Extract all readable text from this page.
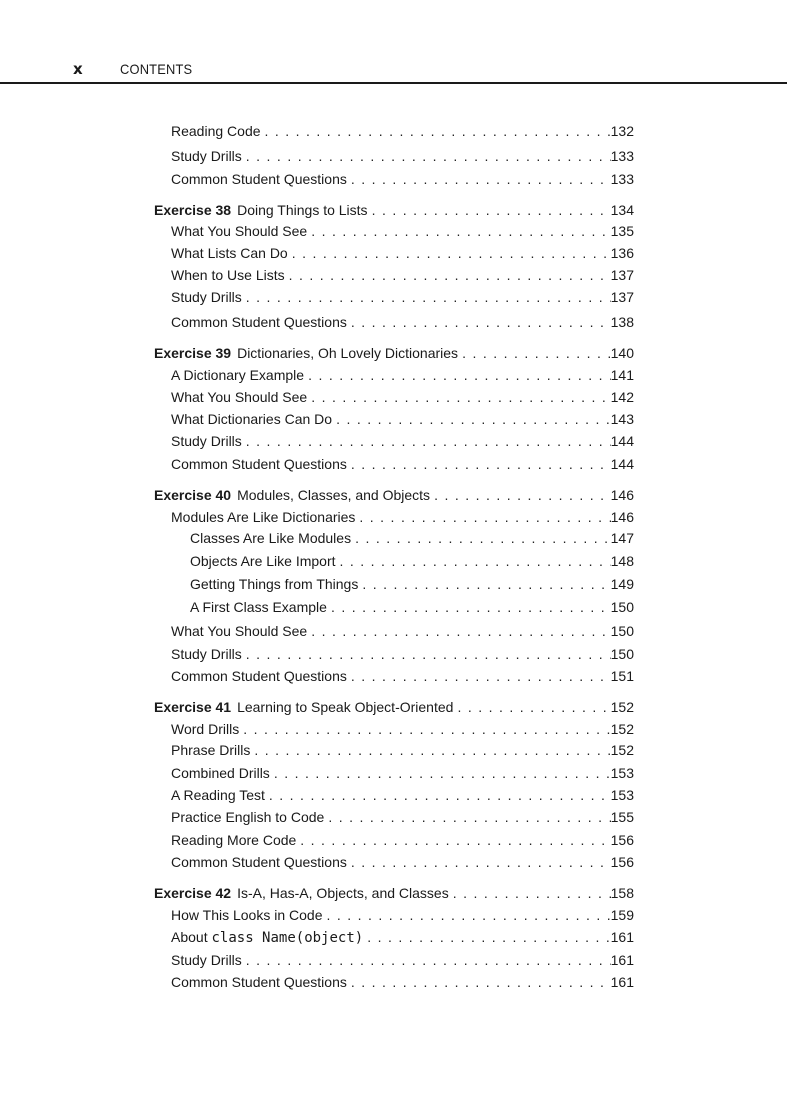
x	CONTENTS
Reading Code . . .	132
Study Drills . . .	133
Common Student Questions . . .	133
Exercise 38 Doing Things to Lists . . .	134
What You Should See . . .	135
What Lists Can Do . . .	136
When to Use Lists . . .	137
Study Drills . . .	137
Common Student Questions . . .	138
Exercise 39 Dictionaries, Oh Lovely Dictionaries . . .	140
A Dictionary Example . . .	141
What You Should See . . .	142
What Dictionaries Can Do . . .	143
Study Drills . . .	144
Common Student Questions . . .	144
Exercise 40 Modules, Classes, and Objects . . .	146
Modules Are Like Dictionaries . . .	146
Classes Are Like Modules . . .	147
Objects Are Like Import . . .	148
Getting Things from Things . . .	149
A First Class Example . . .	150
What You Should See . . .	150
Study Drills . . .	150
Common Student Questions . . .	151
Exercise 41 Learning to Speak Object-Oriented . . .	152
Word Drills . . .	152
Phrase Drills . . .	152
Combined Drills . . .	153
A Reading Test . . .	153
Practice English to Code . . .	155
Reading More Code . . .	156
Common Student Questions . . .	156
Exercise 42 Is-A, Has-A, Objects, and Classes . . .	158
How This Looks in Code . . .	159
About class Name(object) . . .	161
Study Drills . . .	161
Common Student Questions . . .	161
